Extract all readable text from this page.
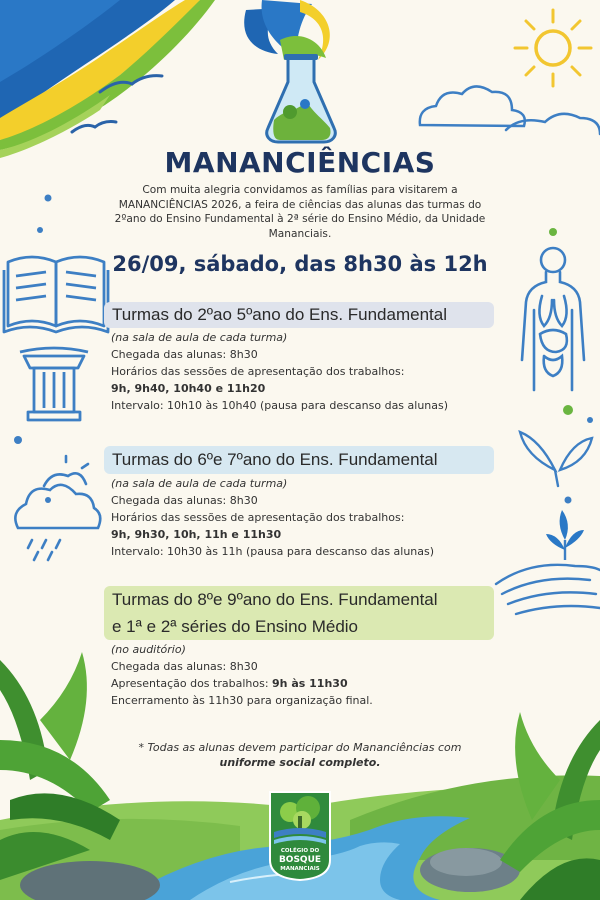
MANANCIÊNCIAS
Com muita alegria convidamos as famílias para visitarem a MANANCIÊNCIAS 2026, a feira de ciências das alunas das turmas do 2ºano do Ensino Fundamental à 2ª série do Ensino Médio, da Unidade Mananciais.
26/09, sábado, das 8h30 às 12h
Turmas do 2ºao 5ºano do Ens. Fundamental
(na sala de aula de cada turma)
Chegada das alunas: 8h30
Horários das sessões de apresentação dos trabalhos:
9h, 9h40, 10h40 e 11h20
Intervalo: 10h10 às 10h40 (pausa para descanso das alunas)
Turmas do 6ºe 7ºano do Ens. Fundamental
(na sala de aula de cada turma)
Chegada das alunas: 8h30
Horários das sessões de apresentação dos trabalhos:
9h, 9h30, 10h, 11h e 11h30
Intervalo: 10h30 às 11h (pausa para descanso das alunas)
Turmas do 8ºe 9ºano do Ens. Fundamental
e 1ª e 2ª séries do Ensino Médio
(no auditório)
Chegada das alunas: 8h30
Apresentação dos trabalhos: 9h às 11h30
Encerramento às 11h30 para organização final.
* Todas as alunas devem participar do Mananciências com uniforme social completo.
COLÉGIO DO
BOSQUE
MANANCIAIS
